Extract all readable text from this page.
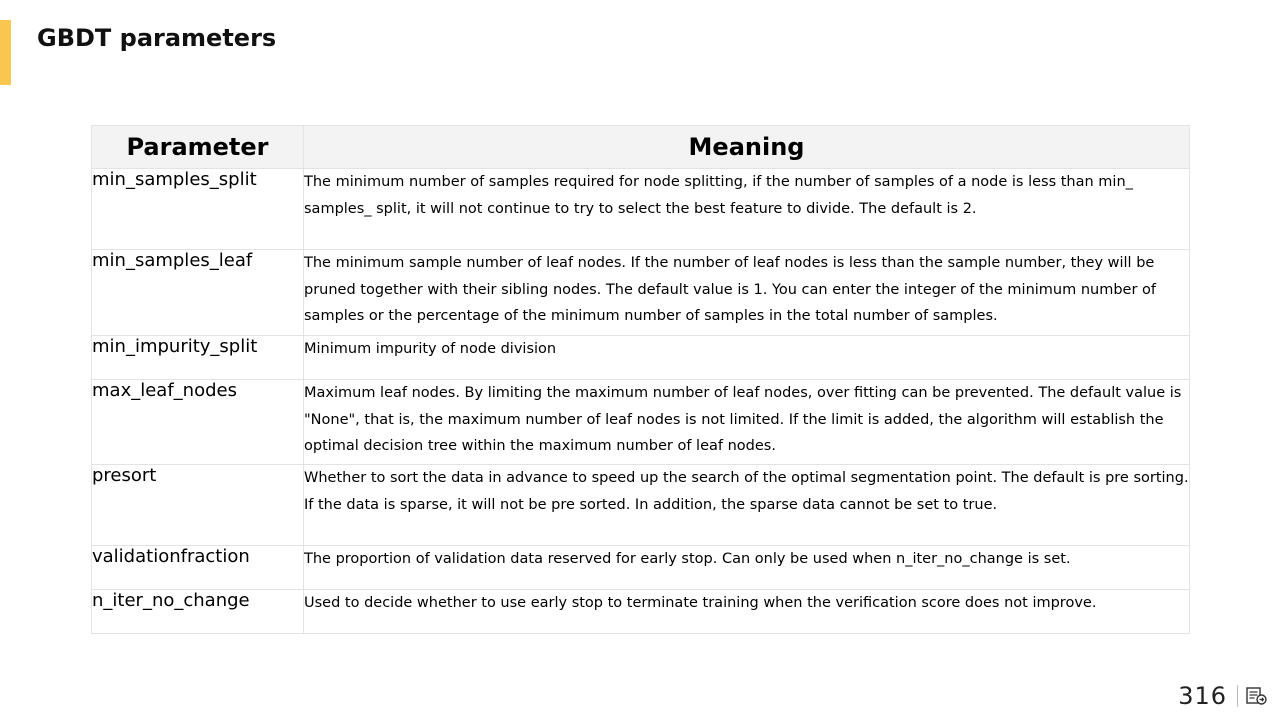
GBDT parameters
Parameter	Meaning
min_samples_split	The minimum number of samples required for node splitting, if the number of samples of a node is less than min_ samples_ split, it will not continue to try to select the best feature to divide. The default is 2.
min_samples_leaf	The minimum sample number of leaf nodes. If the number of leaf nodes is less than the sample number, they will be pruned together with their sibling nodes. The default value is 1. You can enter the integer of the minimum number of samples or the percentage of the minimum number of samples in the total number of samples.
min_impurity_split	Minimum impurity of node division
max_leaf_nodes	Maximum leaf nodes. By limiting the maximum number of leaf nodes, over fitting can be prevented. The default value is "None", that is, the maximum number of leaf nodes is not limited. If the limit is added, the algorithm will establish the optimal decision tree within the maximum number of leaf nodes.
presort	Whether to sort the data in advance to speed up the search of the optimal segmentation point. The default is pre sorting. If the data is sparse, it will not be pre sorted. In addition, the sparse data cannot be set to true.
validationfraction	The proportion of validation data reserved for early stop. Can only be used when n_iter_no_change is set.
n_iter_no_change	Used to decide whether to use early stop to terminate training when the verification score does not improve.
316
